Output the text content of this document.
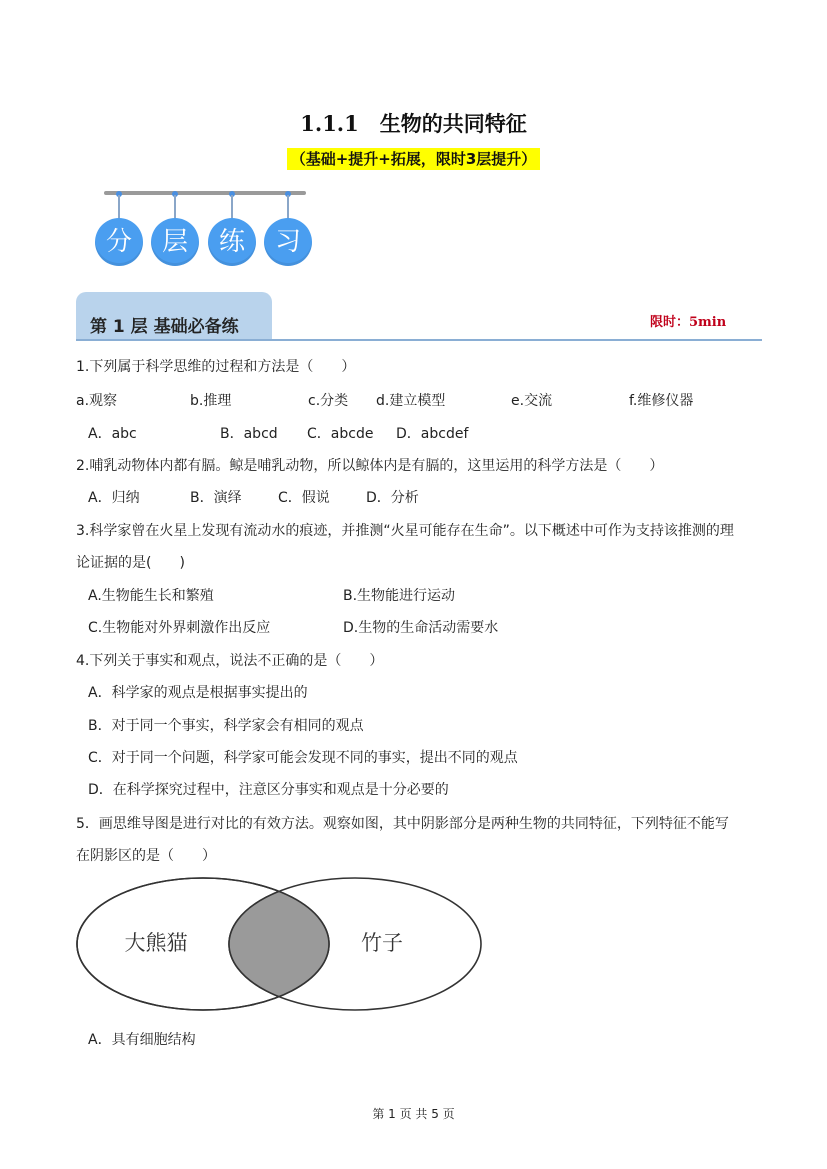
1.1.1　生物的共同特征
（基础+提升+拓展，限时3层提升）
分	层	练	习
第 1 层 基础必备练	限时：5min
1.下列属于科学思维的过程和方法是（　　）
a.观察	b.推理	c.分类 d.建立模型	e.交流	f.维修仪器
A．abc	B．abcd C．abcde D．abcdef
2.哺乳动物体内都有膈。鲸是哺乳动物，所以鲸体内是有膈的，这里运用的科学方法是（　　）
A．归纳	B．演绎	C．假说	D．分析
3.科学家曾在火星上发现有流动水的痕迹，并推测“火星可能存在生命”。以下概述中可作为支持该推测的理
论证据的是(　　)
A.生物能生长和繁殖	B.生物能进行运动
C.生物能对外界刺激作出反应	D.生物的生命活动需要水
4.下列关于事实和观点，说法不正确的是（　　）
A．科学家的观点是根据事实提出的
B．对于同一个事实，科学家会有相同的观点
C．对于同一个问题，科学家可能会发现不同的事实，提出不同的观点
D．在科学探究过程中，注意区分事实和观点是十分必要的
5．画思维导图是进行对比的有效方法。观察如图，其中阴影部分是两种生物的共同特征，下列特征不能写
在阴影区的是（　　）
大熊猫	竹子
A．具有细胞结构
第 1 页 共 5 页
